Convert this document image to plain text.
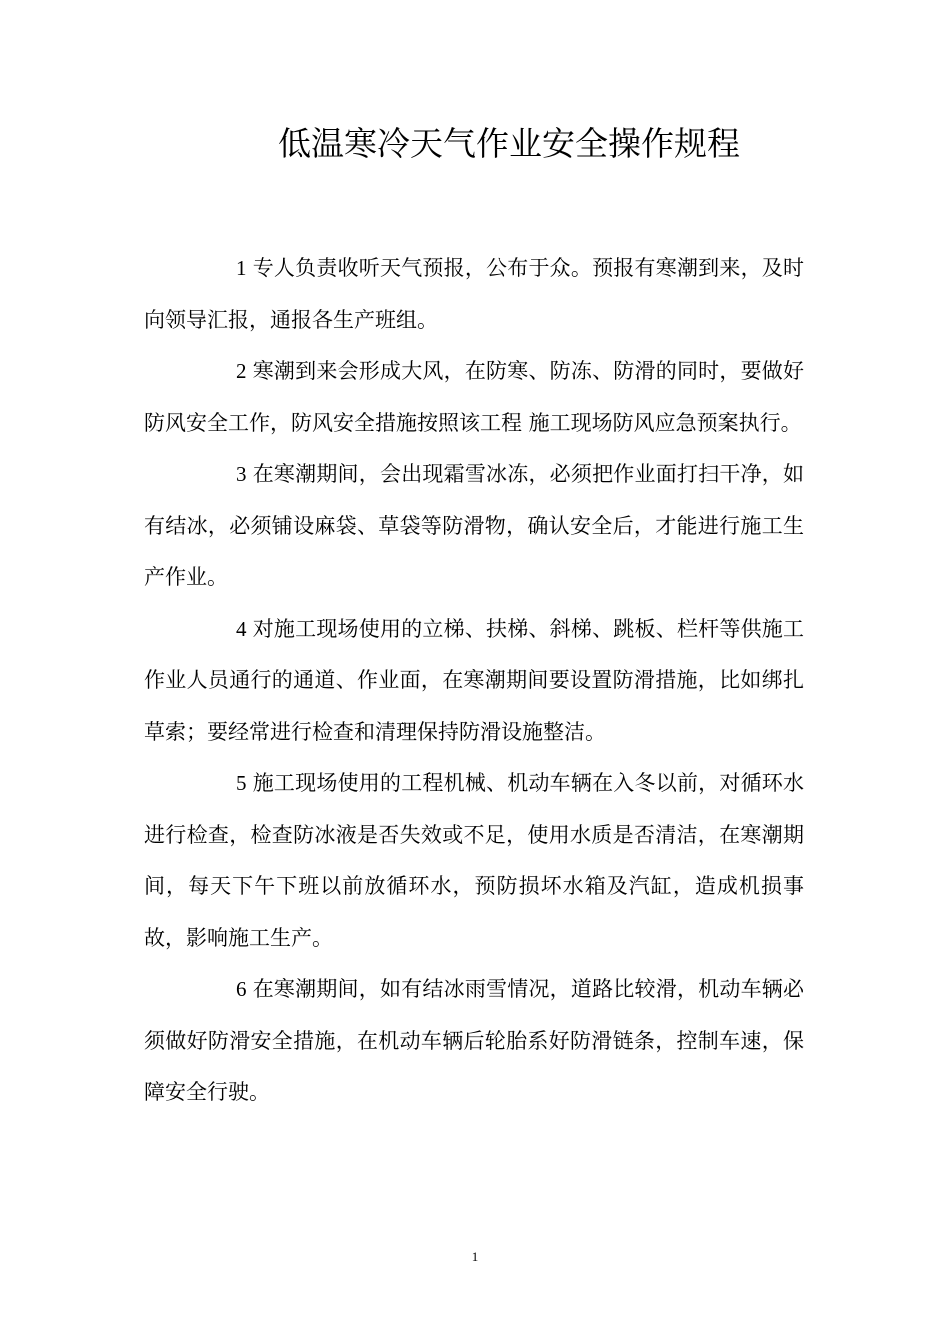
低温寒冷天气作业安全操作规程

1 专人负责收听天气预报，公布于众。预报有寒潮到来，及时向领导汇报，通报各生产班组。

2 寒潮到来会形成大风，在防寒、防冻、防滑的同时，要做好防风安全工作，防风安全措施按照该工程 施工现场防风应急预案执行。

3 在寒潮期间，会出现霜雪冰冻，必须把作业面打扫干净，如有结冰，必须铺设麻袋、草袋等防滑物，确认安全后，才能进行施工生产作业。

4 对施工现场使用的立梯、扶梯、斜梯、跳板、栏杆等供施工作业人员通行的通道、作业面，在寒潮期间要设置防滑措施，比如绑扎草索；要经常进行检查和清理保持防滑设施整洁。

5 施工现场使用的工程机械、机动车辆在入冬以前，对循环水进行检查，检查防冰液是否失效或不足，使用水质是否清洁，在寒潮期间，每天下午下班以前放循环水，预防损坏水箱及汽缸，造成机损事故，影响施工生产。

6 在寒潮期间，如有结冰雨雪情况，道路比较滑，机动车辆必须做好防滑安全措施，在机动车辆后轮胎系好防滑链条，控制车速，保障安全行驶。

1
